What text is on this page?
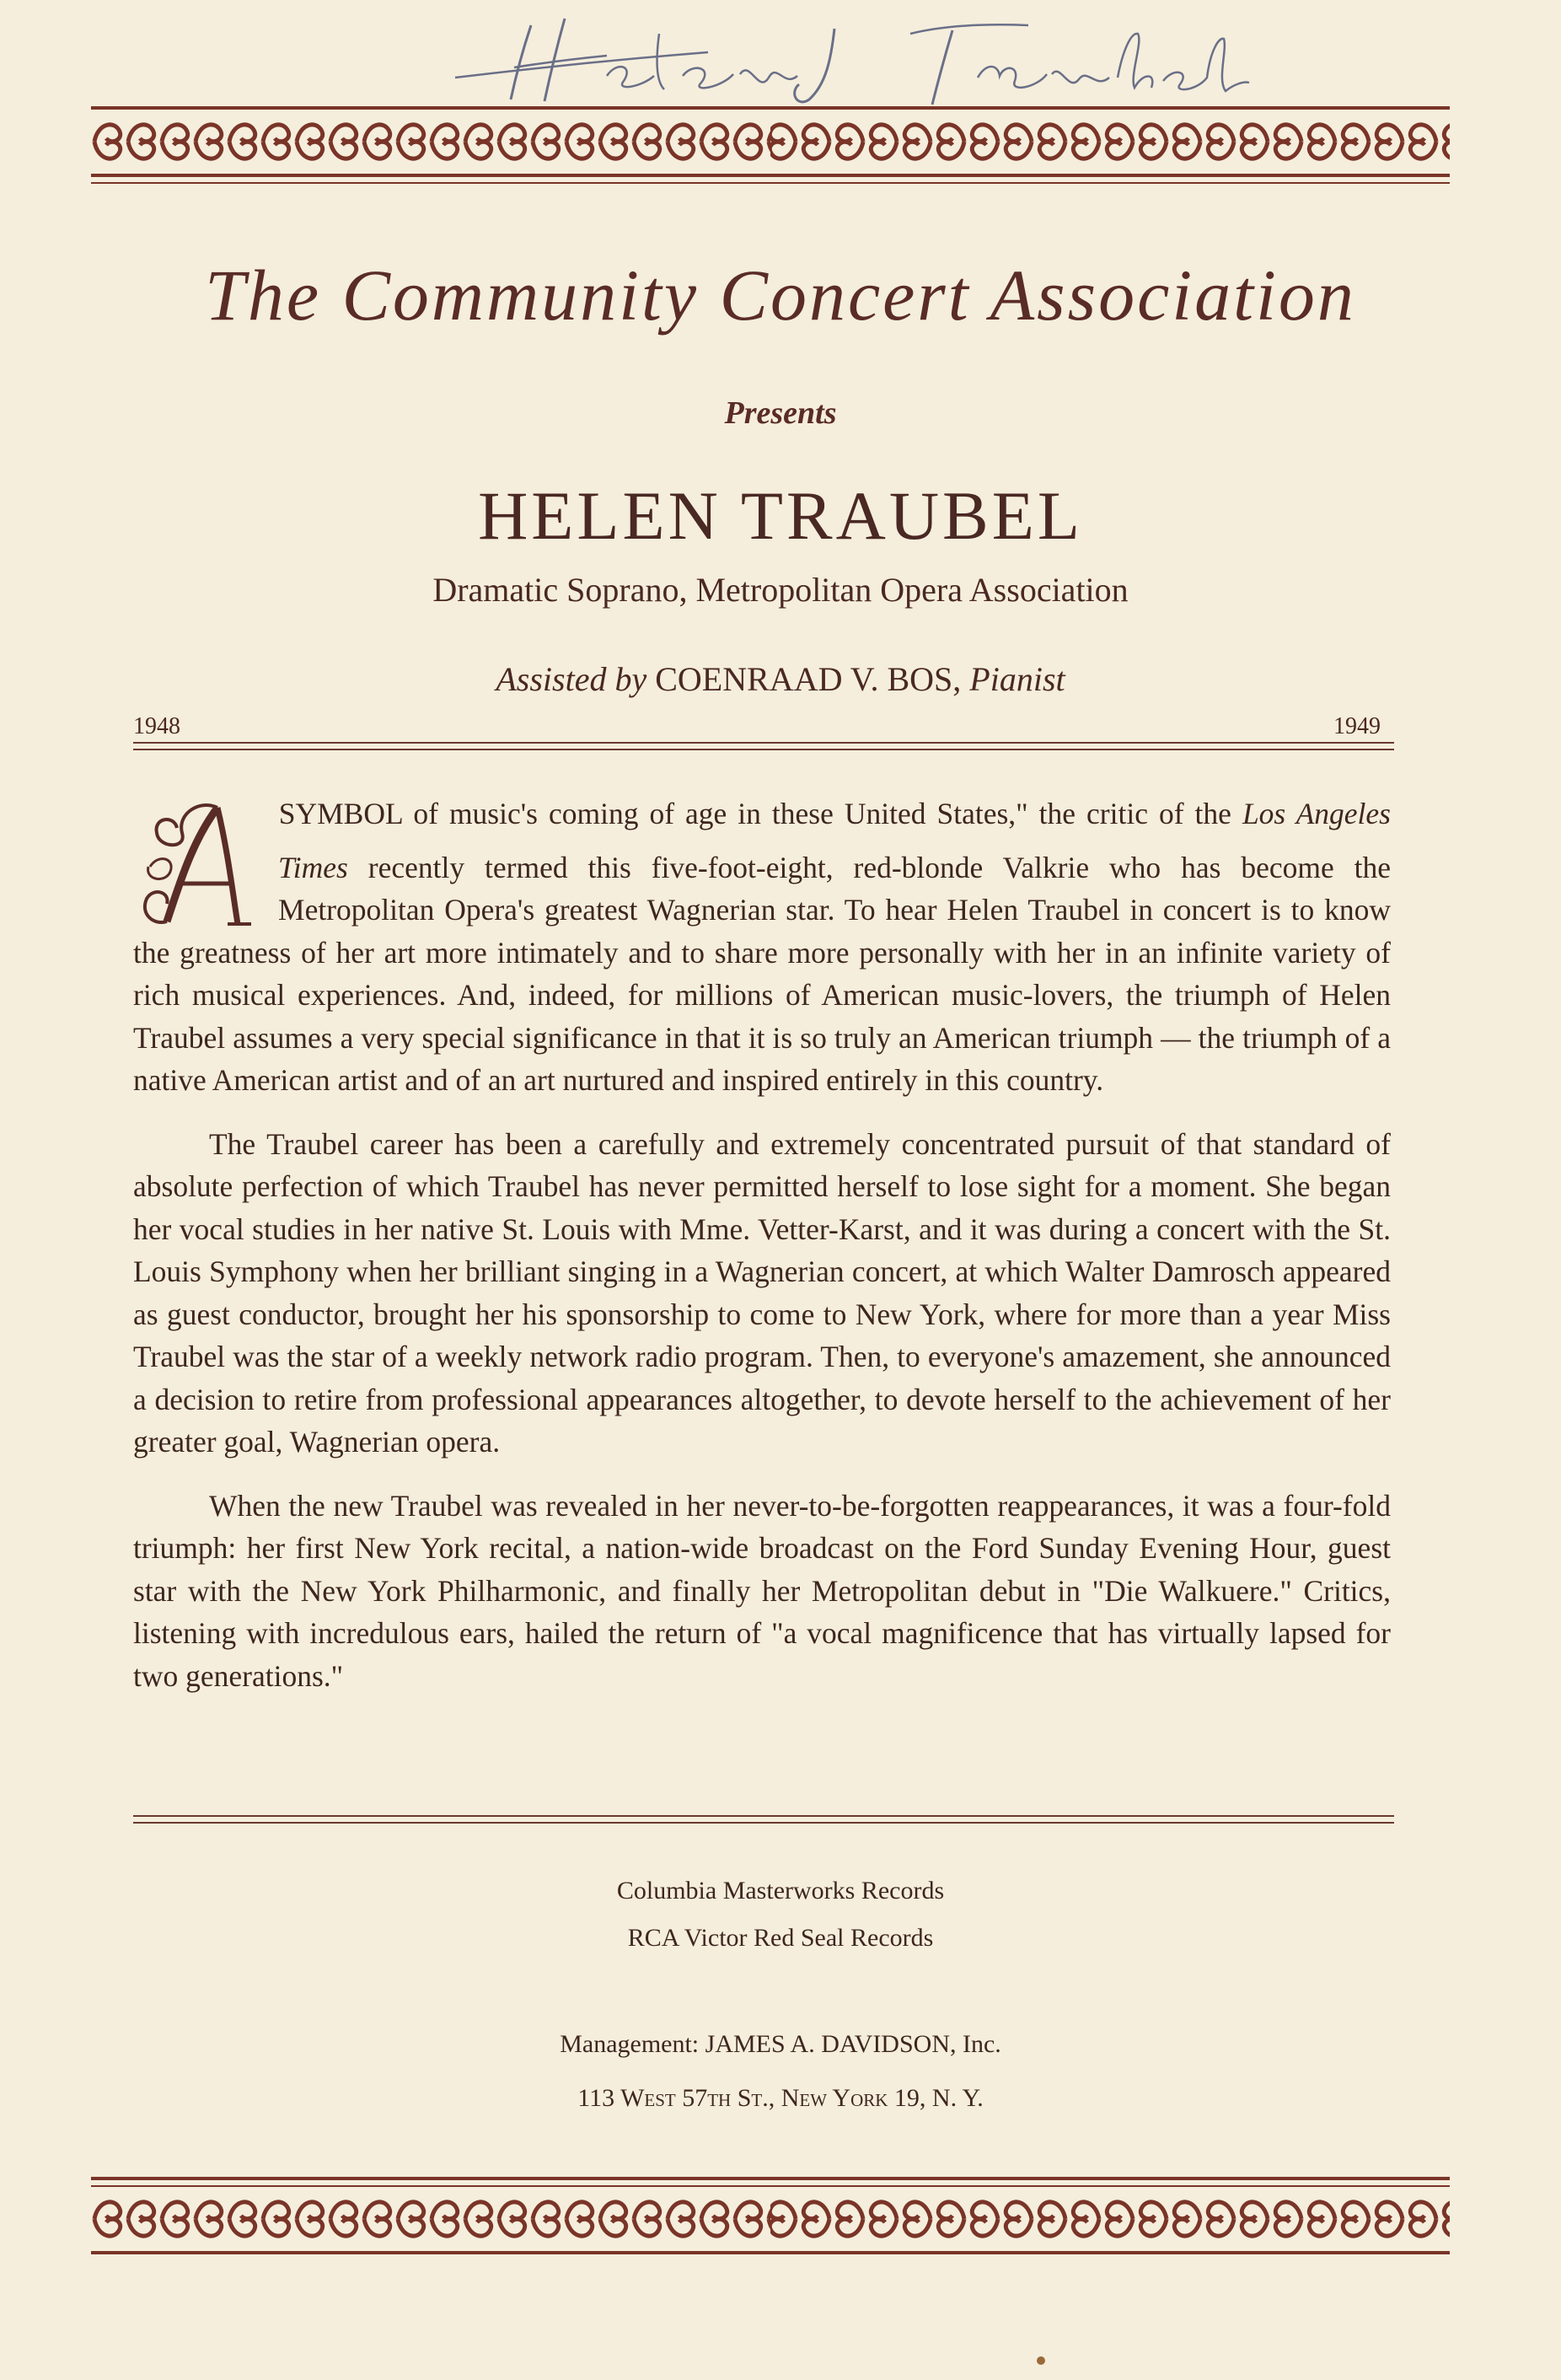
The Community Concert Association
Presents
HELEN TRAUBEL
Dramatic Soprano, Metropolitan Opera Association
Assisted by COENRAAD V. BOS, Pianist
1948	1949

SYMBOL of music's coming of age in these United States," the critic of the Los Angeles Times recently termed this five-foot-eight, red-blonde Valkrie who has become the Metropolitan Opera's greatest Wagnerian star. To hear Helen Traubel in concert is to know the greatness of her art more intimately and to share more personally with her in an infinite variety of rich musical experiences. And, indeed, for millions of American music-lovers, the triumph of Helen Traubel assumes a very special significance in that it is so truly an American triumph — the triumph of a native American artist and of an art nurtured and inspired entirely in this country.

The Traubel career has been a carefully and extremely concentrated pursuit of that standard of absolute perfection of which Traubel has never permitted herself to lose sight for a moment. She began her vocal studies in her native St. Louis with Mme. Vetter-Karst, and it was during a concert with the St. Louis Symphony when her brilliant singing in a Wagnerian concert, at which Walter Damrosch appeared as guest conductor, brought her his sponsorship to come to New York, where for more than a year Miss Traubel was the star of a weekly network radio program. Then, to everyone's amazement, she announced a decision to retire from professional appearances altogether, to devote herself to the achievement of her greater goal, Wagnerian opera.

When the new Traubel was revealed in her never-to-be-forgotten reappearances, it was a four-fold triumph: her first New York recital, a nation-wide broadcast on the Ford Sunday Evening Hour, guest star with the New York Philharmonic, and finally her Metropolitan debut in "Die Walkuere." Critics, listening with incredulous ears, hailed the return of "a vocal magnificence that has virtually lapsed for two generations."

Columbia Masterworks Records
RCA Victor Red Seal Records
Management: JAMES A. DAVIDSON, Inc.
113 West 57th St., New York 19, N. Y.
